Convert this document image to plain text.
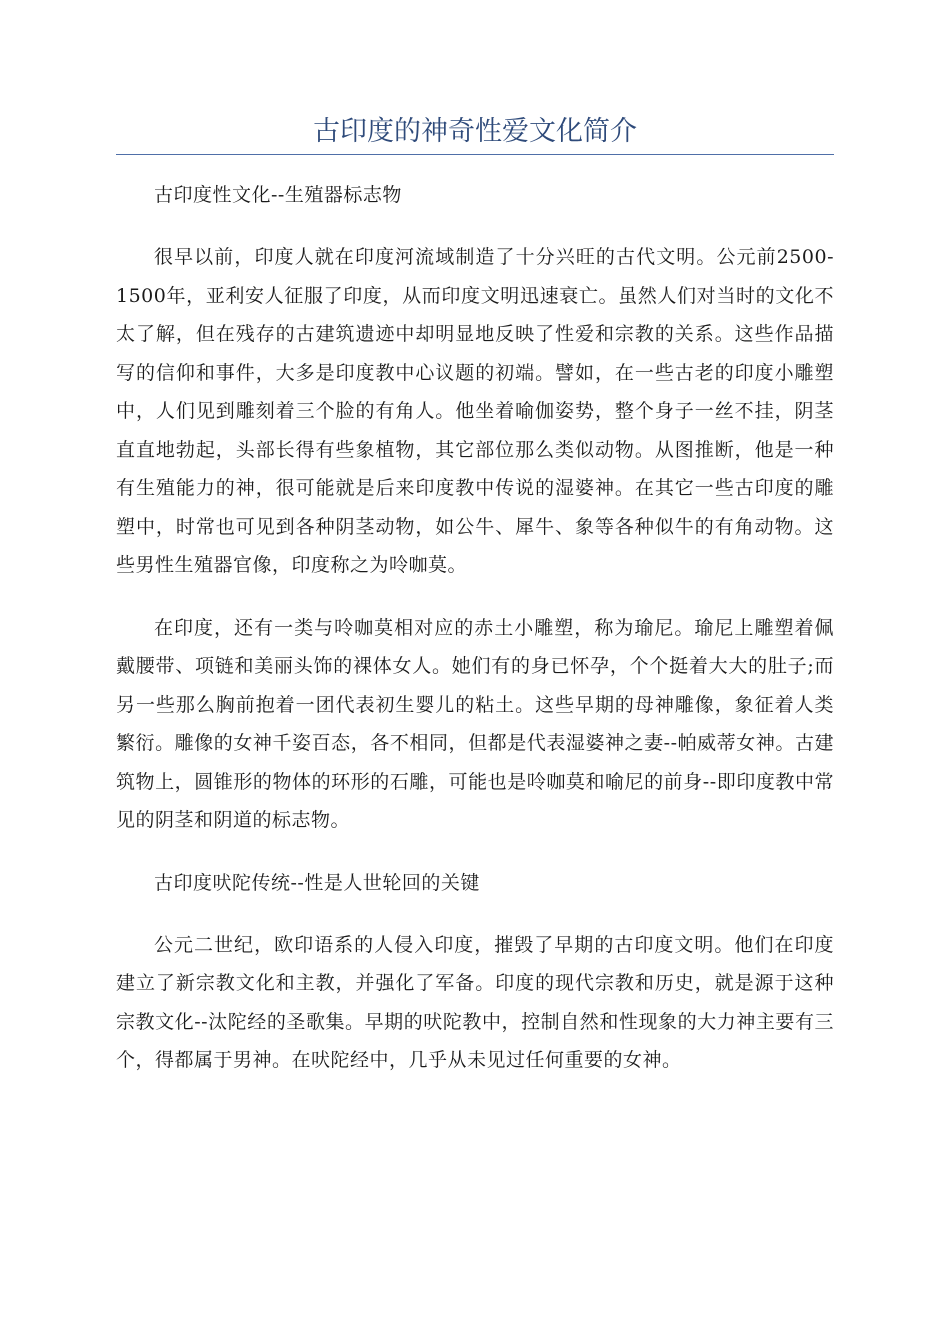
古印度的神奇性爱文化简介

古印度性文化--生殖器标志物

很早以前，印度人就在印度河流域制造了十分兴旺的古代文明。公元前2500-1500年，亚利安人征服了印度，从而印度文明迅速衰亡。虽然人们对当时的文化不太了解，但在残存的古建筑遗迹中却明显地反映了性爱和宗教的关系。这些作品描写的信仰和事件，大多是印度教中心议题的初端。譬如，在一些古老的印度小雕塑中，人们见到雕刻着三个脸的有角人。他坐着喻伽姿势，整个身子一丝不挂，阴茎直直地勃起，头部长得有些象植物，其它部位那么类似动物。从图推断，他是一种有生殖能力的神，很可能就是后来印度教中传说的湿婆神。在其它一些古印度的雕塑中，时常也可见到各种阴茎动物，如公牛、犀牛、象等各种似牛的有角动物。这些男性生殖器官像，印度称之为呤咖莫。

在印度，还有一类与呤咖莫相对应的赤土小雕塑，称为瑜尼。瑜尼上雕塑着佩戴腰带、项链和美丽头饰的裸体女人。她们有的身已怀孕，个个挺着大大的肚子;而另一些那么胸前抱着一团代表初生婴儿的粘土。这些早期的母神雕像，象征着人类繁衍。雕像的女神千姿百态，各不相同，但都是代表湿婆神之妻--帕威蒂女神。古建筑物上，圆锥形的物体的环形的石雕，可能也是呤咖莫和喻尼的前身--即印度教中常见的阴茎和阴道的标志物。

古印度吠陀传统--性是人世轮回的关键

公元二世纪，欧印语系的人侵入印度，摧毁了早期的古印度文明。他们在印度建立了新宗教文化和主教，并强化了军备。印度的现代宗教和历史，就是源于这种宗教文化--汰陀经的圣歌集。早期的吠陀教中，控制自然和性现象的大力神主要有三个，得都属于男神。在吠陀经中，几乎从未见过任何重要的女神。
